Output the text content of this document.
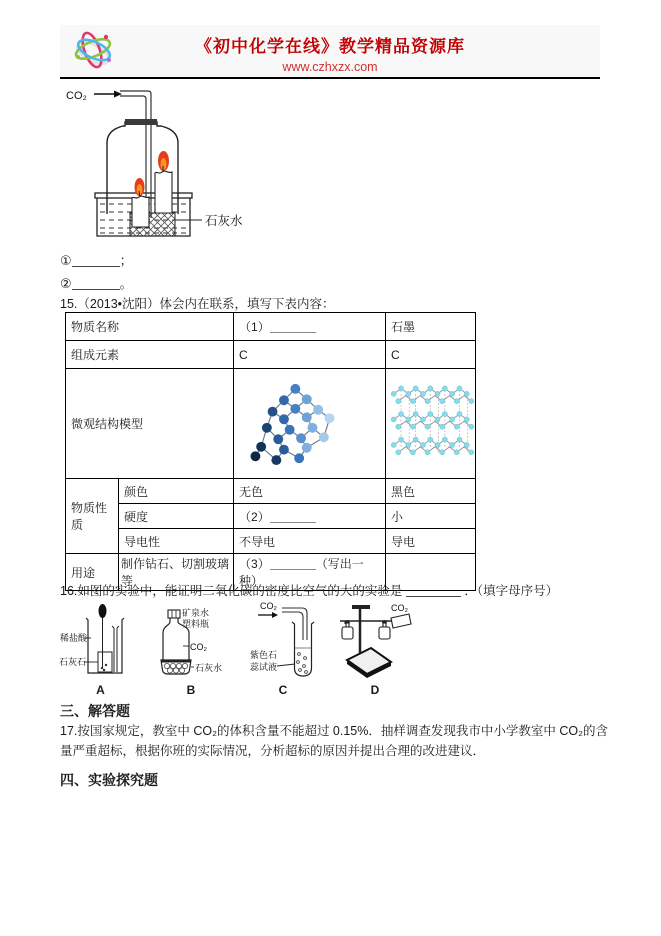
《初中化学在线》教学精品资源库
www.czhxzx.com
CO₂
石灰水
①	；
②	。
15.（2013•沈阳）体会内在联系，填写下表内容：
物质名称		（1）	石墨
组成元素		C	C
微观结构模型	

物质性质	颜色	无色	黑色
	硬度	（2）	小
	导电性	不导电	导电
用途	制作钻石、切割玻璃等	（3） （写出一种）	
16.如图的实验中，能证明二氧化碳的密度比空气的大的实验是	．（填字母序号）
稀盐酸
石灰石
A
矿泉水
塑料瓶
CO₂
石灰水
B
CO₂
紫色石
蕊试液
C
CO₂
D
三、解答题
17.按国家规定，教室中 CO₂的体积含量不能超过 0.15%．抽样调查发现我市中小学教室中 CO₂的含量严重超标，根据你班的实际情况，分析超标的原因并提出合理的改进建议．
四、实验探究题
